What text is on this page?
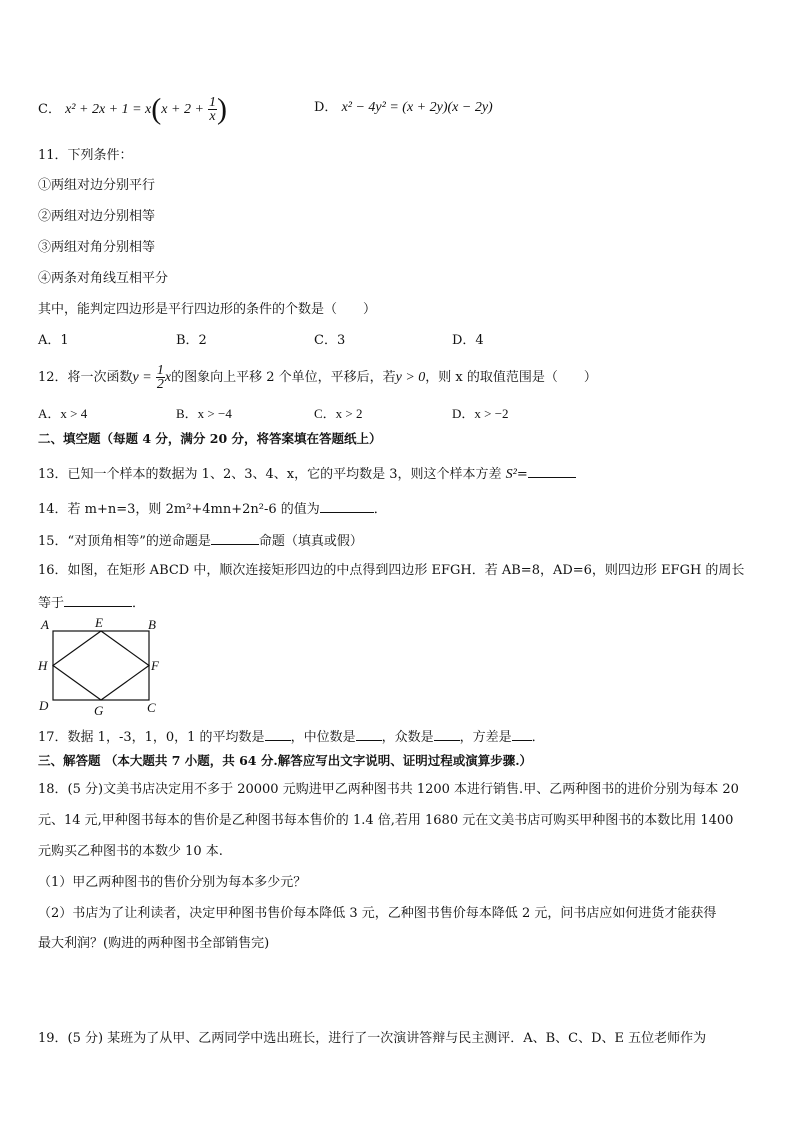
C． $x^2 + 2x + 1 = x(x + 2 + \frac{1}{x}$ )	D． x² − 4y² = (x + 2y)(x − 2y)
11．下列条件：
①两组对边分别平行
②两组对边分别相等
③两组对角分别相等
④两条对角线互相平分
其中，能判定四边形是平行四边形的条件的个数是（　　）
A．1	B．2	C．3	D．4
12．将一次函数$y = \frac{1}{2}$ x的图象向上平移 2 个单位，平移后，若y > 0，则 x 的取值范围是（　　）
A．x > 4	B．x > −4	C．x > 2	D．x > −2
二、填空题（每题 4 分，满分 20 分，将答案填在答题纸上）
13．已知一个样本的数据为 1、2、3、4、x，它的平均数是 3，则这个样本方差 S²=
14．若 m+n=3，则 2m²+4mn+2n²-6 的值为	．
15．“对顶角相等”的逆命题是	命题（填真或假）
16．如图，在矩形 ABCD 中，顺次连接矩形四边的中点得到四边形 EFGH．若 AB=8，AD=6，则四边形 EFGH 的周长
等于	．
A	E	B
H	F
D	G	C
17．数据 1，-3，1，0，1 的平均数是 ，中位数是 ，众数是 ，方差是 ．
三、解答题 （本大题共 7 小题，共 64 分.解答应写出文字说明、证明过程或演算步骤.）
18．(5 分)文美书店决定用不多于 20000 元购进甲乙两种图书共 1200 本进行销售.甲、乙两种图书的进价分别为每本 20
元、14 元,甲种图书每本的售价是乙种图书每本售价的 1.4 倍,若用 1680 元在文美书店可购买甲种图书的本数比用 1400
元购买乙种图书的本数少 10 本.
（1）甲乙两种图书的售价分别为每本多少元？
（2）书店为了让利读者，决定甲种图书售价每本降低 3 元，乙种图书售价每本降低 2 元，问书店应如何进货才能获得
最大利润？(购进的两种图书全部销售完)
19．(5 分) 某班为了从甲、乙两同学中选出班长，进行了一次演讲答辩与民主测评．A、B、C、D、E 五位老师作为
